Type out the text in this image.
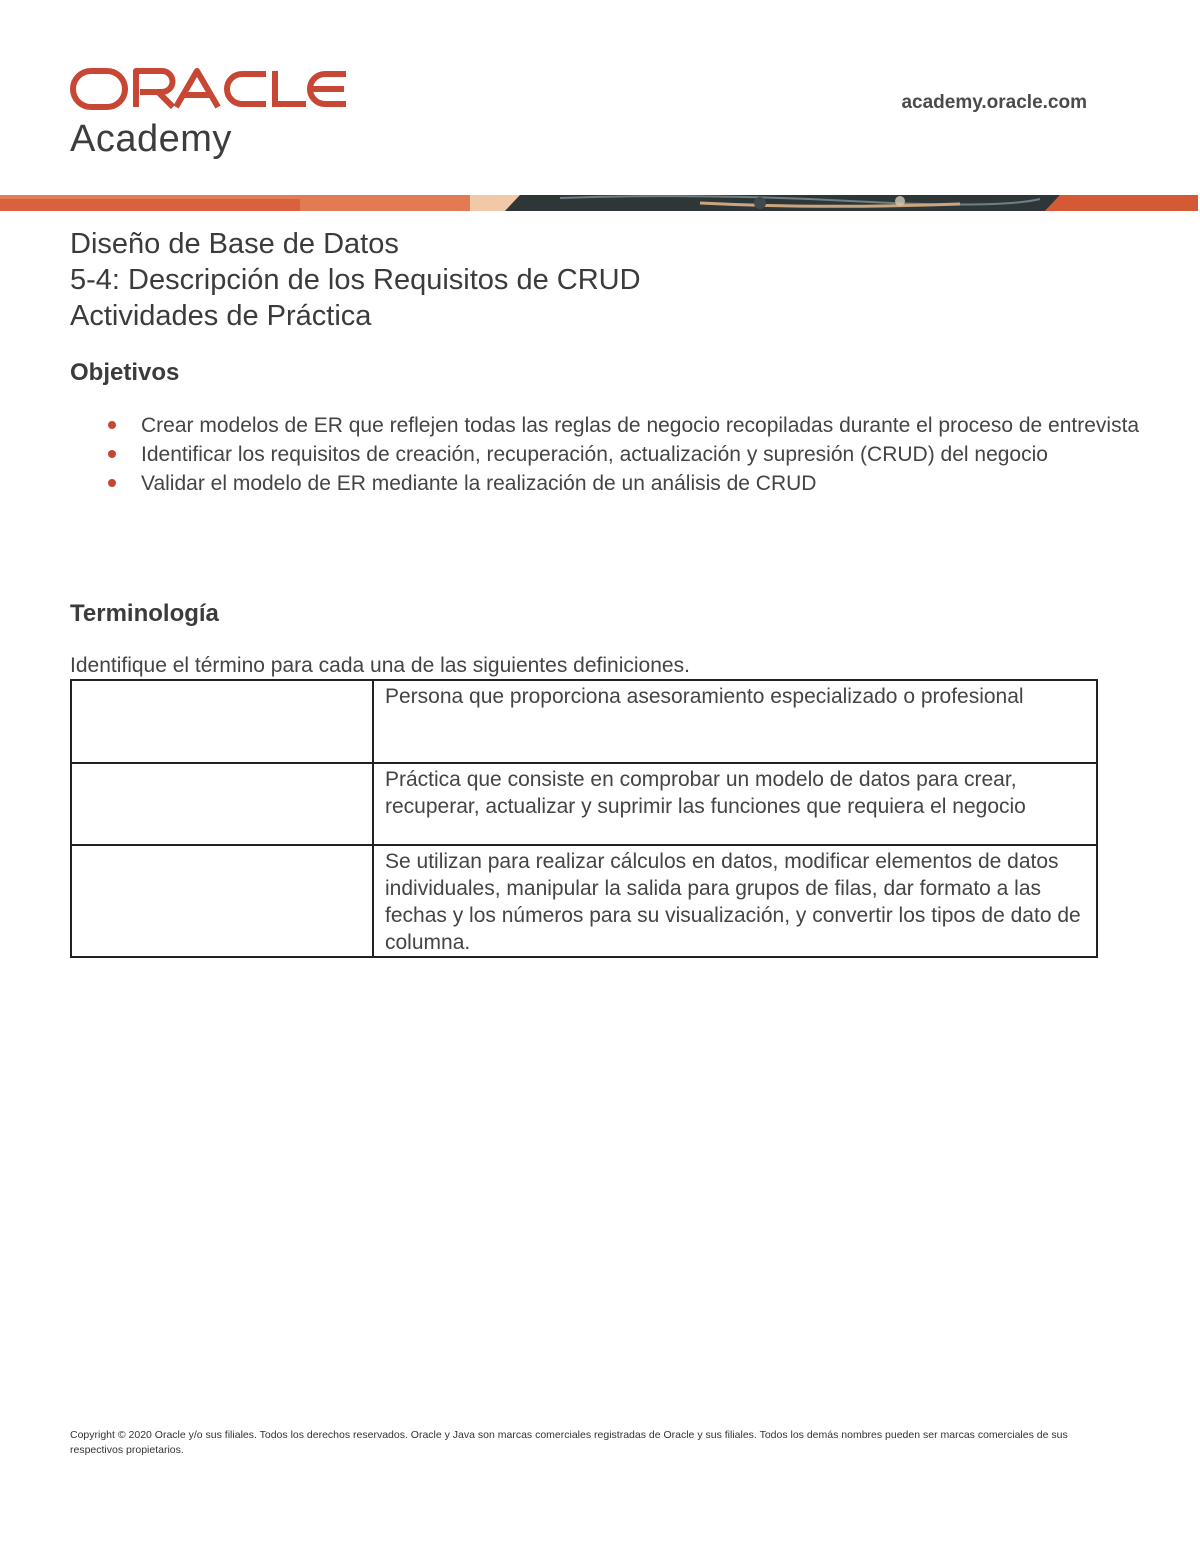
Academy
academy.oracle.com
Diseño de Base de Datos
5-4: Descripción de los Requisitos de CRUD
Actividades de Práctica
Objetivos
Crear modelos de ER que reflejen todas las reglas de negocio recopiladas durante el proceso de entrevista
Identificar los requisitos de creación, recuperación, actualización y supresión (CRUD) del negocio
Validar el modelo de ER mediante la realización de un análisis de CRUD
Terminología
Identifique el término para cada una de las siguientes definiciones.
	Persona que proporciona asesoramiento especializado o profesional
	Práctica que consiste en comprobar un modelo de datos para crear, recuperar, actualizar y suprimir las funciones que requiera el negocio
	Se utilizan para realizar cálculos en datos, modificar elementos de datos individuales, manipular la salida para grupos de filas, dar formato a las fechas y los números para su visualización, y convertir los tipos de dato de columna.
Copyright © 2020 Oracle y/o sus filiales. Todos los derechos reservados. Oracle y Java son marcas comerciales registradas de Oracle y sus filiales. Todos los demás nombres pueden ser marcas comerciales de sus respectivos propietarios.
